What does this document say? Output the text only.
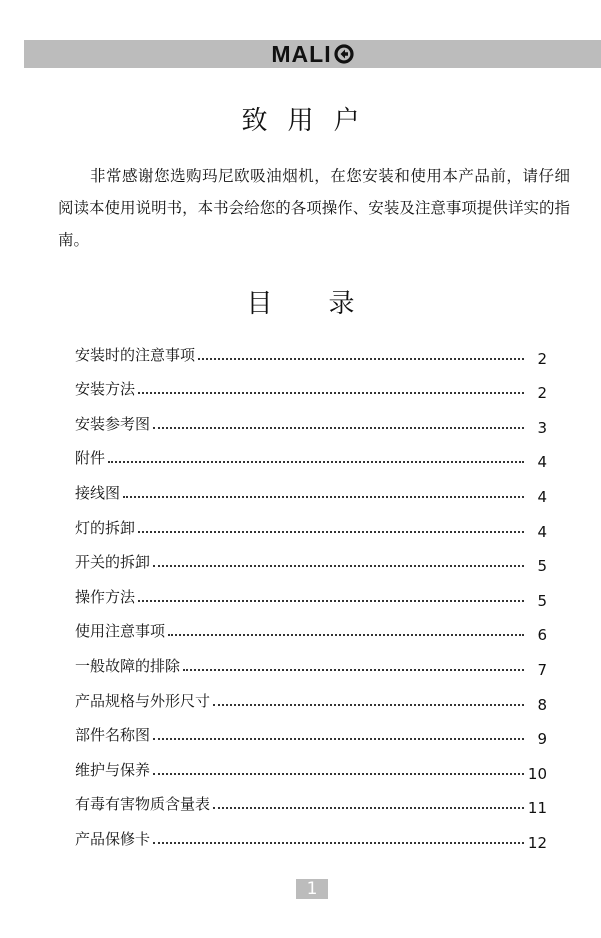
MALI
致用户

非常感谢您选购玛尼欧吸油烟机，在您安装和使用本产品前，请仔细阅读本使用说明书，本书会给您的各项操作、安装及注意事项提供详实的指南。

目录
安装时的注意事项	2
安装方法	2
安装参考图	3
附件	4
接线图	4
灯的拆卸	4
开关的拆卸	5
操作方法	5
使用注意事项	6
一般故障的排除	7
产品规格与外形尺寸	8
部件名称图	9
维护与保养	10
有毒有害物质含量表	11
产品保修卡	12
1
